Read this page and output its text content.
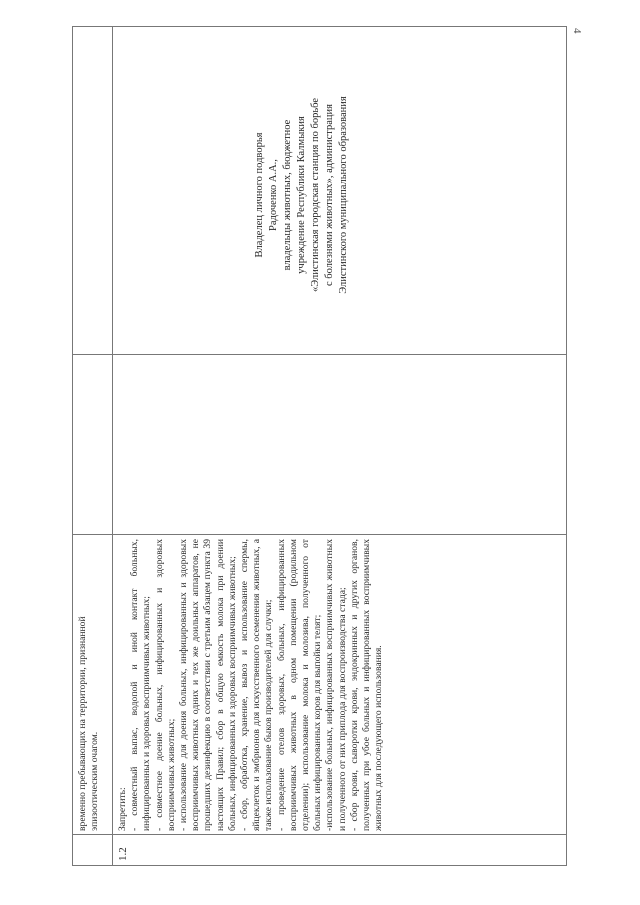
4

временно пребывающих на территории, признанной эпизоотическим очагом.

1.2

Запретить: - совместный выпас, водопой и иной контакт больных, инфицированных и здоровых восприимчивых животных; - совместное доение больных, инфицированных и здоровых восприимчивых животных; - использование для доения больных, инфицированных и здоровых восприимчивых животных одних и тех же доильных аппаратов, не прошедших дезинфекцию в соответствии с третьим абзацем пункта 39 настоящих Правил; сбор в общую емкость молока при доении больных, инфицированных и здоровых восприимчивых животных; - сбор, обработка, хранение, вывоз и использование спермы, яйцеклеток и эмбрионов для искусственного осеменения животных, а также использование быков производителей для случки; - проведение отелов здоровых, больных, инфицированных восприимчивых животных в одном помещении (родильном отделении); использование молока и молозива, полученного от больных инфицированных коров для выпойки телят; -использование больных, инфицированных восприимчивых животных и полученного от них приплода для воспроизводства стада; - сбор крови, сыворотки крови, эндокринных и других органов, полученных при убое больных и инфицированных восприимчивых животных для последующего использования.

Владелец личного подворья Радоченко А.А., владельцы животных, бюджетное учреждение Республики Калмыкия «Элистинская городская станция по борьбе с болезнями животных», администрация Элистинского муниципального образования
